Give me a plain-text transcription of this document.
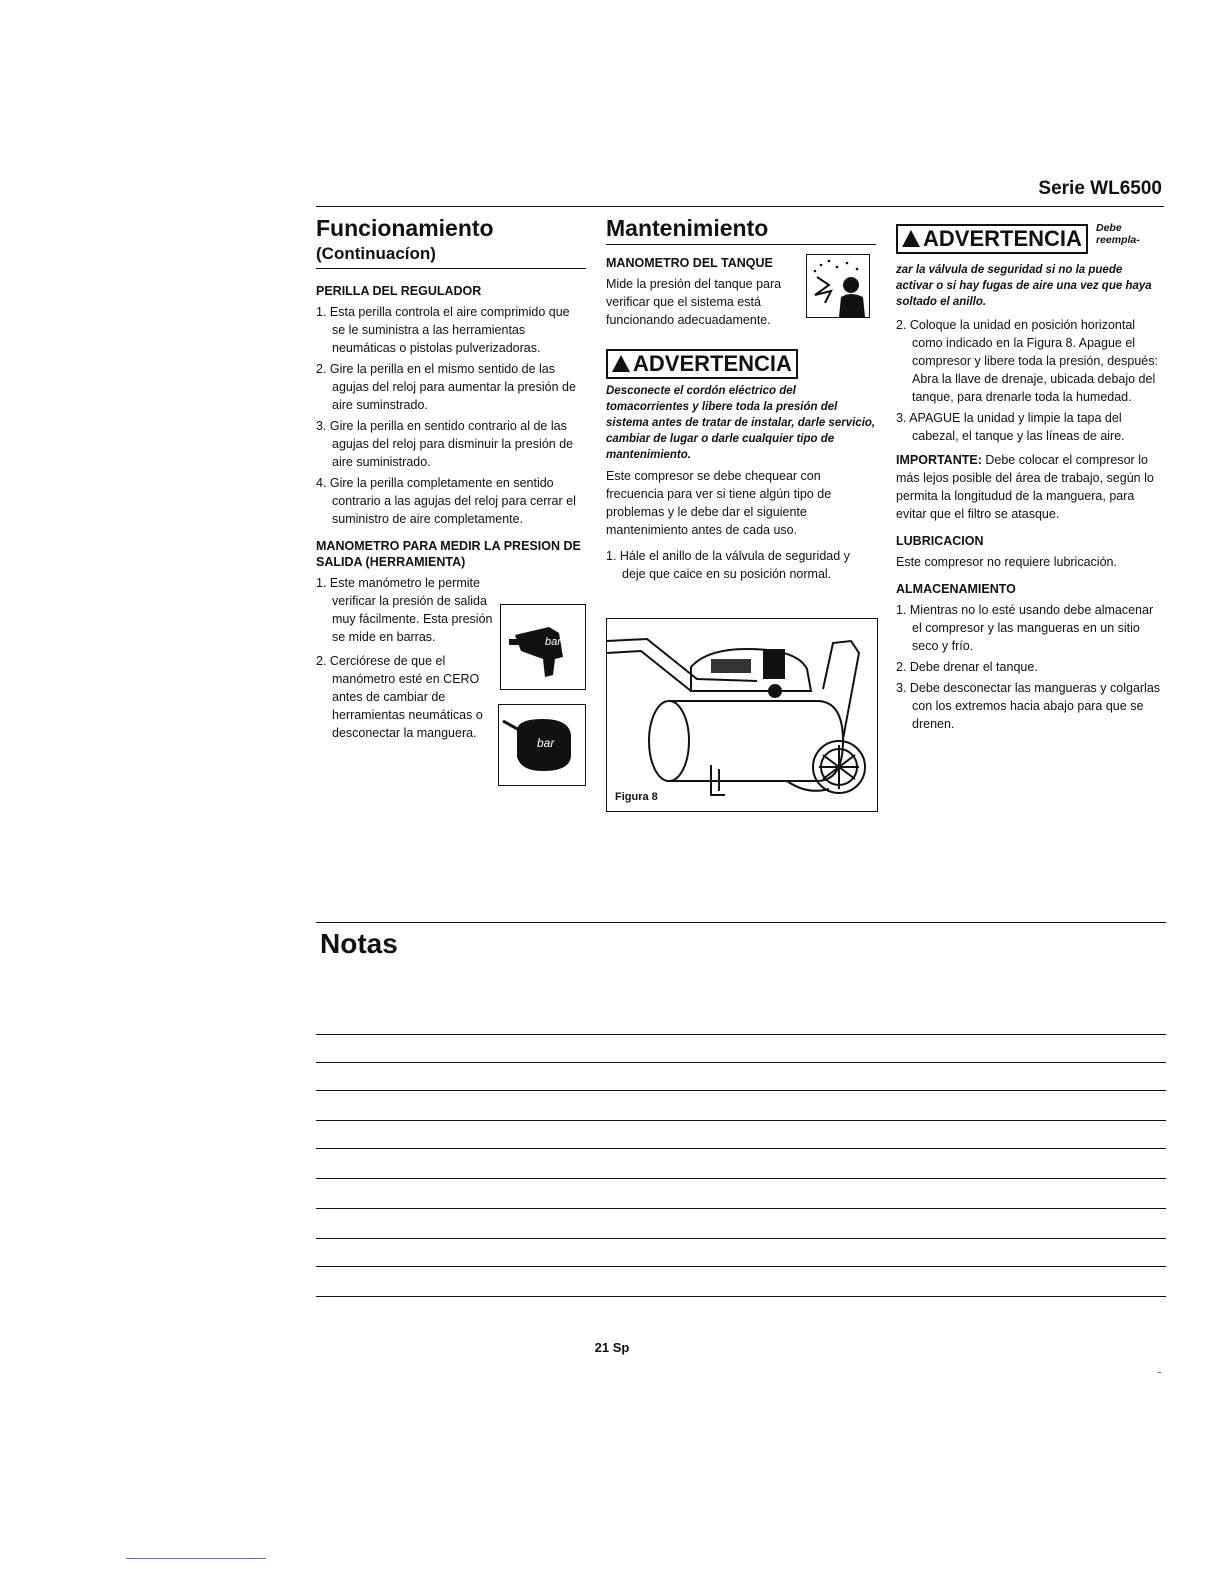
Serie WL6500
Funcionamiento
(Continuacíon)
PERILLA DEL REGULADOR

1. Esta perilla controla el aire comprimido que se le suministra a las herramientas neumáticas o pistolas pulverizadoras.

2. Gire la perilla en el mismo sentido de las agujas del reloj para aumentar la presión de aire suminstrado.

3. Gire la perilla en sentido contrario al de las agujas del reloj para disminuir la presión de aire suministrado.

4. Gire la perilla completamente en sentido contrario a las agujas del reloj para cerrar el suministro de aire completamente.

MANOMETRO PARA MEDIR LA PRESION DE SALIDA (HERRAMIENTA)

1. Este manómetro le permite verificar la presión de salida muy fácilmente. Esta presión se mide en barras.

2. Cerciórese de que el manómetro esté en CERO antes de cambiar de herramientas neumáticas o desconectar la manguera.

bar
bar
Mantenimiento
MANOMETRO DEL TANQUE

Mide la presión del tanque para verificar que el sistema está funcionando adecuadamente.

ADVERTENCIA

Desconecte el cordón eléctrico del tomacorrientes y libere toda la presión del sistema antes de tratar de instalar, darle servicio, cambiar de lugar o darle cualquier tipo de mantenimiento.

Este compresor se debe chequear con frecuencia para ver si tiene algún tipo de problemas y le debe dar el siguiente mantenimiento antes de cada uso.

1. Hále el anillo de la válvula de seguridad y deje que caice en su posición normal.

Figura 8
ADVERTENCIA Debe reempla-

zar la válvula de seguridad si no la puede activar o si hay fugas de aire una vez que haya soltado el anillo.

2. Coloque la unidad en posición horizontal como indicado en la Figura 8. Apague el compresor y libere toda la presión, después: Abra la llave de drenaje, ubicada debajo del tanque, para drenarle toda la humedad.

3. APAGUE la unidad y limpie la tapa del cabezal, el tanque y las líneas de aire.

IMPORTANTE: Debe colocar el compresor lo más lejos posible del área de trabajo, según lo permita la longitudud de la manguera, para evitar que el filtro se atasque.

LUBRICACION

Este compresor no requiere lubricación.

ALMACENAMIENTO

1. Mientras no lo esté usando debe almacenar el compresor y las mangueras en un sitio seco y frío.

2. Debe drenar el tanque.

3. Debe desconectar las mangueras y colgarlas con los extremos hacia abajo para que se drenen.

Notas
21 Sp
